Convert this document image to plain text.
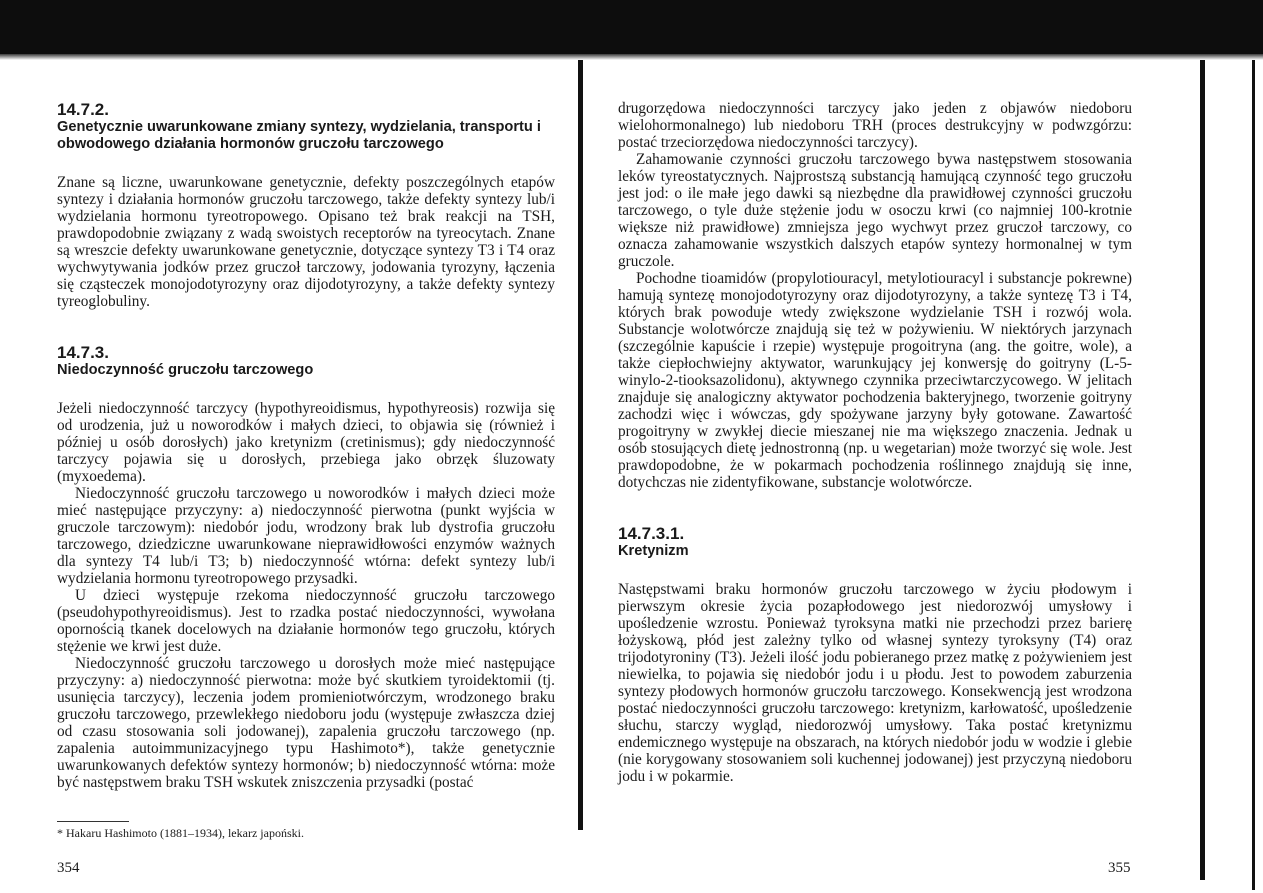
14.7.2.
Genetycznie uwarunkowane zmiany syntezy, wydzielania, transportu i obwodowego działania hormonów gruczołu tarczowego

Znane są liczne, uwarunkowane genetycznie, defekty poszczególnych etapów syntezy i działania hormonów gruczołu tarczowego, także defekty syntezy lub/i wydzielania hormonu tyreotropowego. Opisano też brak reakcji na TSH, prawdopodobnie związany z wadą swoistych receptorów na tyreocytach. Znane są wreszcie defekty uwarunkowane genetycznie, dotyczące syntezy T3 i T4 oraz wychwytywania jodków przez gruczoł tarczowy, jodowania tyrozyny, łączenia się cząsteczek monojodotyrozyny oraz dijodotyrozyny, a także defekty syntezy tyreoglobuliny.

14.7.3.
Niedoczynność gruczołu tarczowego

Jeżeli niedoczynność tarczycy (hypothyreoidismus, hypothyreosis) rozwija się od urodzenia, już u noworodków i małych dzieci, to objawia się (również i później u osób dorosłych) jako kretynizm (cretinismus); gdy niedoczynność tarczycy pojawia się u dorosłych, przebiega jako obrzęk śluzowaty (myxoedema).

Niedoczynność gruczołu tarczowego u noworodków i małych dzieci może mieć następujące przyczyny: a) niedoczynność pierwotna (punkt wyjścia w gruczole tarczowym): niedobór jodu, wrodzony brak lub dystrofia gruczołu tarczowego, dziedziczne uwarunkowane nieprawidłowości enzymów ważnych dla syntezy T4 lub/i T3; b) niedoczynność wtórna: defekt syntezy lub/i wydzielania hormonu tyreotropowego przysadki.

U dzieci występuje rzekoma niedoczynność gruczołu tarczowego (pseudohypothyreoidismus). Jest to rzadka postać niedoczynności, wywołana opornością tkanek docelowych na działanie hormonów tego gruczołu, których stężenie we krwi jest duże.

Niedoczynność gruczołu tarczowego u dorosłych może mieć następujące przyczyny: a) niedoczynność pierwotna: może być skutkiem tyroidektomii (tj. usunięcia tarczycy), leczenia jodem promieniotwórczym, wrodzonego braku gruczołu tarczowego, przewlekłego niedoboru jodu (występuje zwłaszcza dziej od czasu stosowania soli jodowanej), zapalenia gruczołu tarczowego (np. zapalenia autoimmunizacyjnego typu Hashimoto*), także genetycznie uwarunkowanych defektów syntezy hormonów; b) niedoczynność wtórna: może być następstwem braku TSH wskutek zniszczenia przysadki (postać

* Hakaru Hashimoto (1881–1934), lekarz japoński.
354

drugorzędowa niedoczynności tarczycy jako jeden z objawów niedoboru wielohormonalnego) lub niedoboru TRH (proces destrukcyjny w podwzgórzu: postać trzeciorzędowa niedoczynności tarczycy).

Zahamowanie czynności gruczołu tarczowego bywa następstwem stosowania leków tyreostatycznych. Najprostszą substancją hamującą czynność tego gruczołu jest jod: o ile małe jego dawki są niezbędne dla prawidłowej czynności gruczołu tarczowego, o tyle duże stężenie jodu w osoczu krwi (co najmniej 100-krotnie większe niż prawidłowe) zmniejsza jego wychwyt przez gruczoł tarczowy, co oznacza zahamowanie wszystkich dalszych etapów syntezy hormonalnej w tym gruczole.

Pochodne tioamidów (propylotiouracyl, metylotiouracyl i substancje pokrewne) hamują syntezę monojodotyrozyny oraz dijodotyrozyny, a także syntezę T3 i T4, których brak powoduje wtedy zwiększone wydzielanie TSH i rozwój wola. Substancje wolotwórcze znajdują się też w pożywieniu. W niektórych jarzynach (szczególnie kapuście i rzepie) występuje progoitryna (ang. the goitre, wole), a także ciepłochwiejny aktywator, warunkujący jej konwersję do goitryny (L-5-winylo-2-tiooksazolidonu), aktywnego czynnika przeciwtarczycowego. W jelitach znajduje się analogiczny aktywator pochodzenia bakteryjnego, tworzenie goitryny zachodzi więc i wówczas, gdy spożywane jarzyny były gotowane. Zawartość progoitryny w zwykłej diecie mieszanej nie ma większego znaczenia. Jednak u osób stosujących dietę jednostronną (np. u wegetarian) może tworzyć się wole. Jest prawdopodobne, że w pokarmach pochodzenia roślinnego znajdują się inne, dotychczas nie zidentyfikowane, substancje wolotwórcze.

14.7.3.1.
Kretynizm

Następstwami braku hormonów gruczołu tarczowego w życiu płodowym i pierwszym okresie życia pozapłodowego jest niedorozwój umysłowy i upośledzenie wzrostu. Ponieważ tyroksyna matki nie przechodzi przez barierę łożyskową, płód jest zależny tylko od własnej syntezy tyroksyny (T4) oraz trijodotyroniny (T3). Jeżeli ilość jodu pobieranego przez matkę z pożywieniem jest niewielka, to pojawia się niedobór jodu i u płodu. Jest to powodem zaburzenia syntezy płodowych hormonów gruczołu tarczowego. Konsekwencją jest wrodzona postać niedoczynności gruczołu tarczowego: kretynizm, karłowatość, upośledzenie słuchu, starczy wygląd, niedorozwój umysłowy. Taka postać kretynizmu endemicznego występuje na obszarach, na których niedobór jodu w wodzie i glebie (nie korygowany stosowaniem soli kuchennej jodowanej) jest przyczyną niedoboru jodu i w pokarmie.

355
